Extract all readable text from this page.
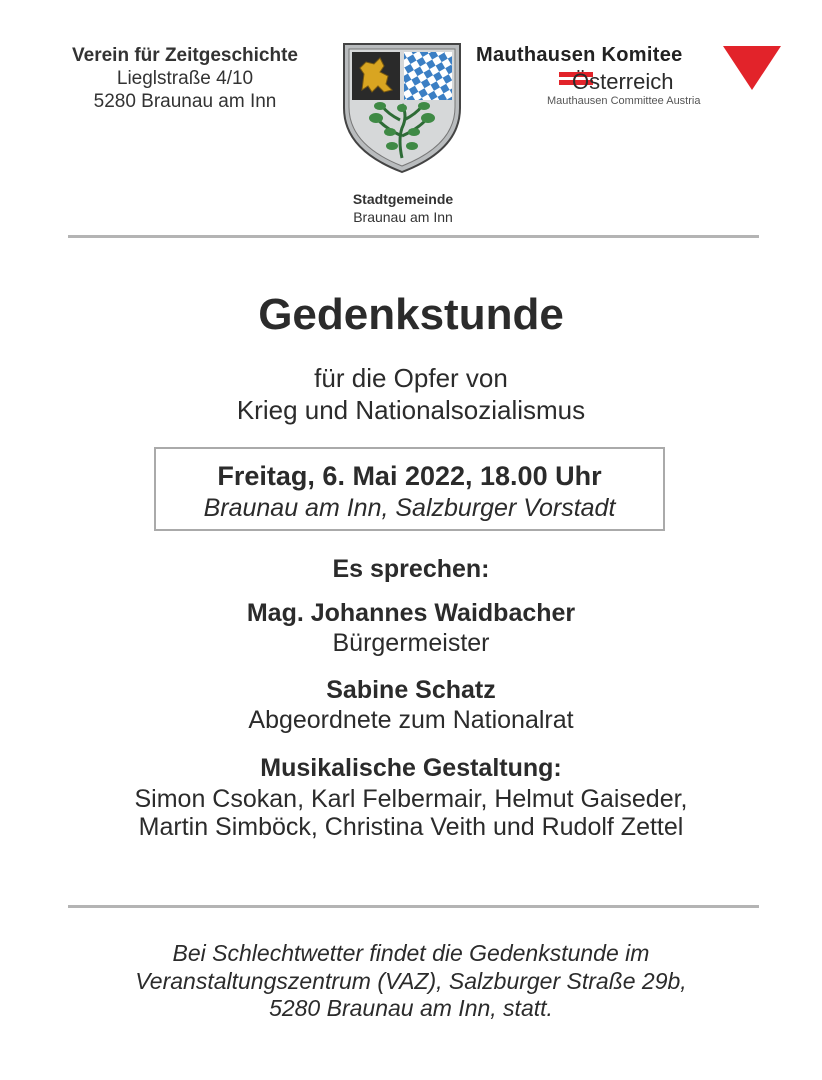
Verein für Zeitgeschichte
Lieglstraße 4/10
5280 Braunau am Inn
Stadtgemeinde
Braunau am Inn
Mauthausen Komitee
Österreich
Mauthausen Committee Austria
Gedenkstunde
für die Opfer von
Krieg und Nationalsozialismus
Freitag, 6. Mai 2022, 18.00 Uhr
Braunau am Inn, Salzburger Vorstadt
Es sprechen:
Mag. Johannes Waidbacher
Bürgermeister
Sabine Schatz
Abgeordnete zum Nationalrat
Musikalische Gestaltung:
Simon Csokan, Karl Felbermair, Helmut Gaiseder,
Martin Simböck, Christina Veith und Rudolf Zettel
Bei Schlechtwetter findet die Gedenkstunde im
Veranstaltungszentrum (VAZ), Salzburger Straße 29b,
5280 Braunau am Inn, statt.
